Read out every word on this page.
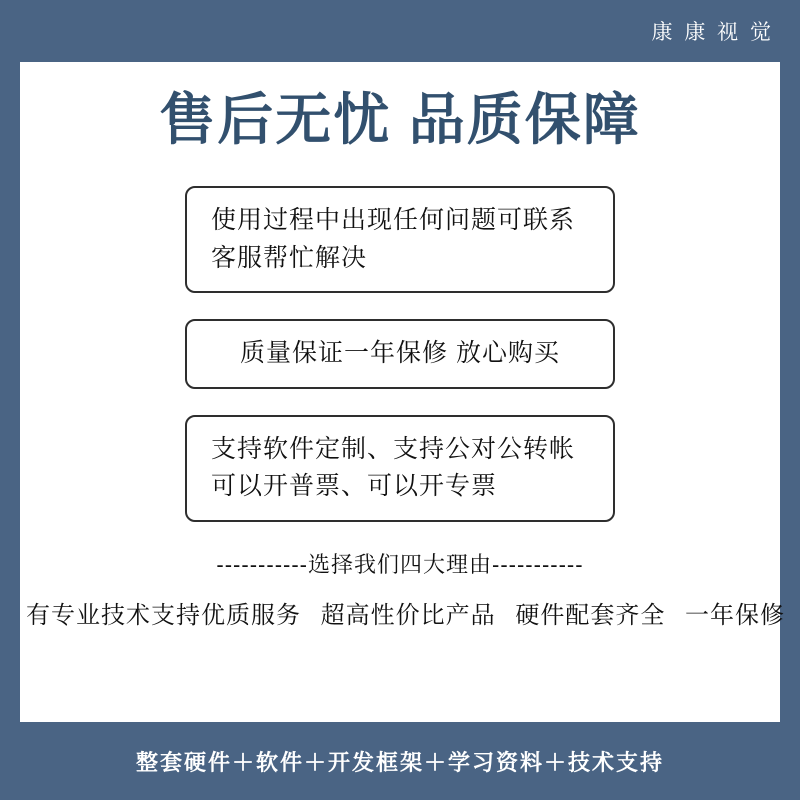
康 康 视 觉
售后无忧 品质保障
使用过程中出现任何问题可联系
客服帮忙解决
质量保证一年保修 放心购买
支持软件定制、支持公对公转帐
可以开普票、可以开专票
-----------选择我们四大理由-----------
有专业技术支持优质服务 超高性价比产品 硬件配套齐全 一年保修
整套硬件＋软件＋开发框架＋学习资料＋技术支持
